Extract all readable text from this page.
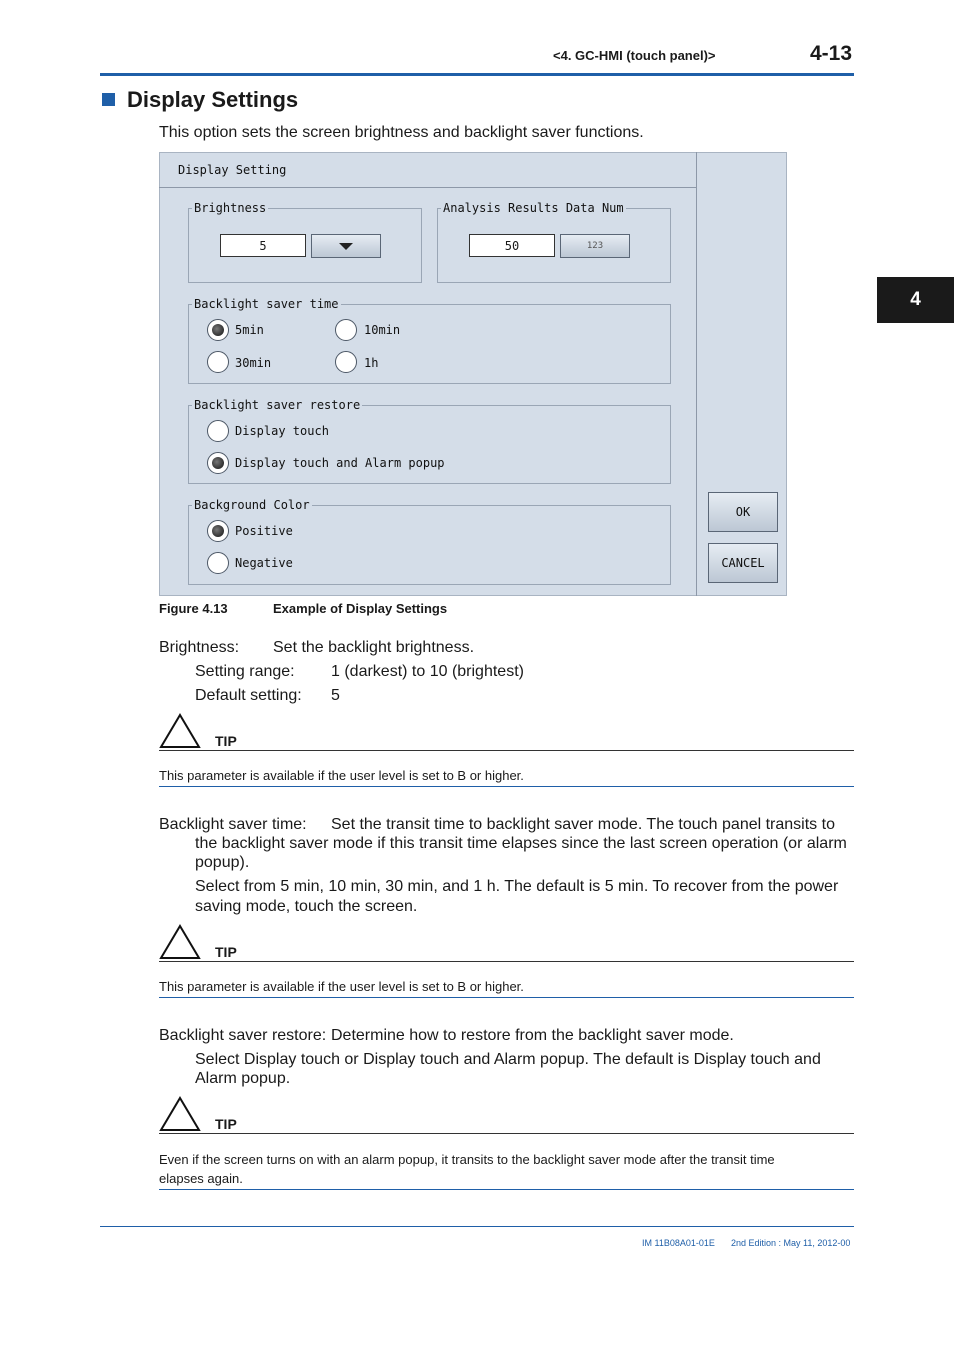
<4. GC-HMI (touch panel)>	4-13
4
Display Settings
This option sets the screen brightness and backlight saver functions.
Display Setting
Brightness
5
Analysis Results Data Num
50	123
Backlight saver time
5min	10min
30min	1h
Backlight saver restore
Display touch
Display touch and Alarm popup
Background Color
Positive
Negative
OK
CANCEL
Figure 4.13	Example of Display Settings
Brightness: Set the backlight brightness.
Setting range: 1 (darkest) to 10 (brightest)
Default setting: 5
TIP
This parameter is available if the user level is set to B or higher.
Backlight saver time: Set the transit time to backlight saver mode. The touch panel transits to
the backlight saver mode if this transit time elapses since the last screen operation (or alarm
popup).
Select from 5 min, 10 min, 30 min, and 1 h. The default is 5 min. To recover from the power
saving mode, touch the screen.
TIP
This parameter is available if the user level is set to B or higher.
Backlight saver restore: Determine how to restore from the backlight saver mode.
Select Display touch or Display touch and Alarm popup. The default is Display touch and
Alarm popup.
TIP
Even if the screen turns on with an alarm popup, it transits to the backlight saver mode after the transit time
elapses again.
IM 11B08A01-01E 2nd Edition : May 11, 2012-00
